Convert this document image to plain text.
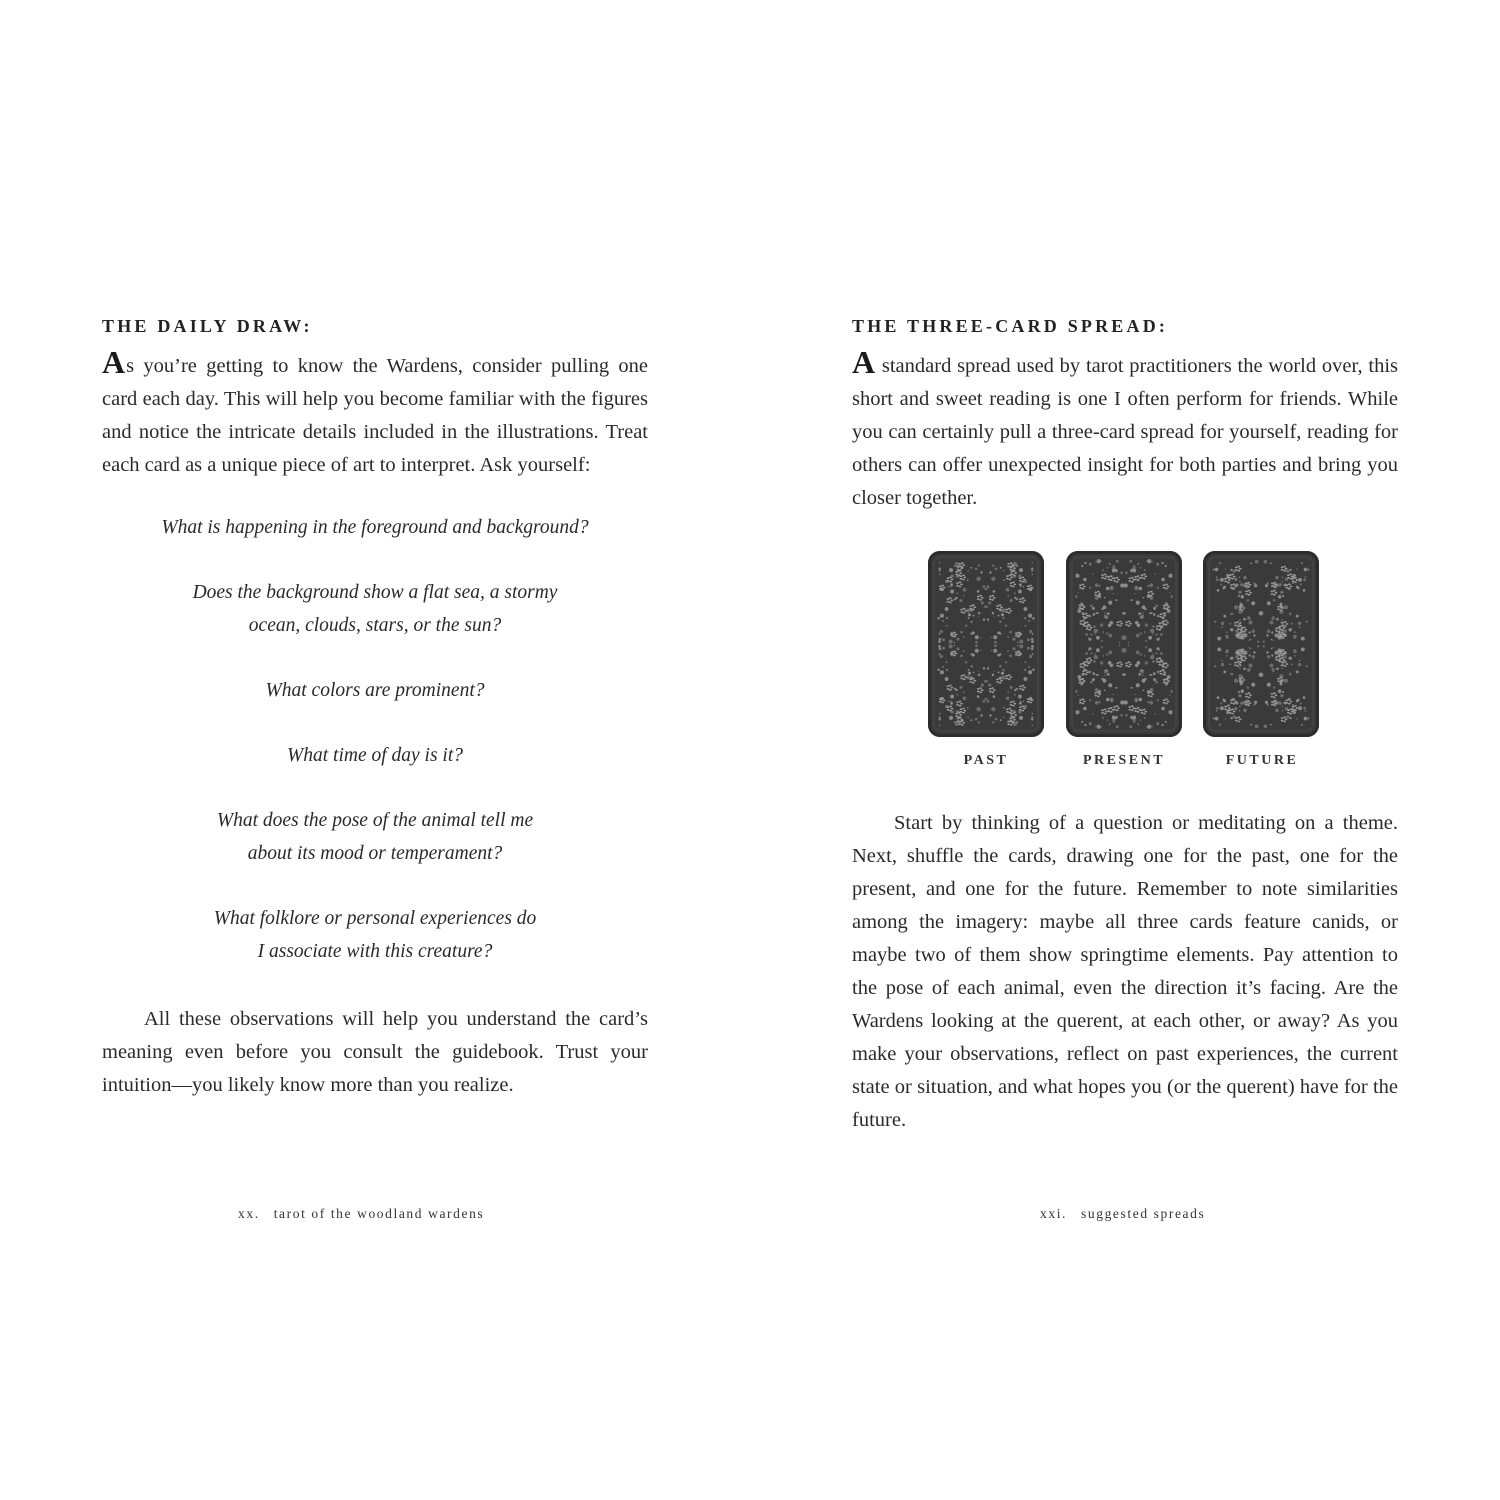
THE DAILY DRAW:
As you’re getting to know the Wardens, consider pulling one card each day. This will help you become familiar with the figures and notice the intricate details included in the illustrations. Treat each card as a unique piece of art to interpret. Ask yourself:
What is happening in the foreground and background?
Does the background show a flat sea, a stormy
ocean, clouds, stars, or the sun?
What colors are prominent?
What time of day is it?
What does the pose of the animal tell me
about its mood or temperament?
What folklore or personal experiences do
I associate with this creature?
All these observations will help you understand the card’s meaning even before you consult the guidebook. Trust your intuition—you likely know more than you realize.
xx. tarot of the woodland wardens
THE THREE-CARD SPREAD:
A standard spread used by tarot practitioners the world over, this short and sweet reading is one I often perform for friends. While you can certainly pull a three-card spread for yourself, reading for others can offer unexpected insight for both parties and bring you closer together.
PAST	PRESENT	FUTURE
Start by thinking of a question or meditating on a theme. Next, shuffle the cards, drawing one for the past, one for the present, and one for the future. Remember to note similarities among the imagery: maybe all three cards feature canids, or maybe two of them show springtime elements. Pay attention to the pose of each animal, even the direction it’s facing. Are the Wardens looking at the querent, at each other, or away? As you make your observations, reflect on past experiences, the current state or situation, and what hopes you (or the querent) have for the future.
xxi. suggested spreads
